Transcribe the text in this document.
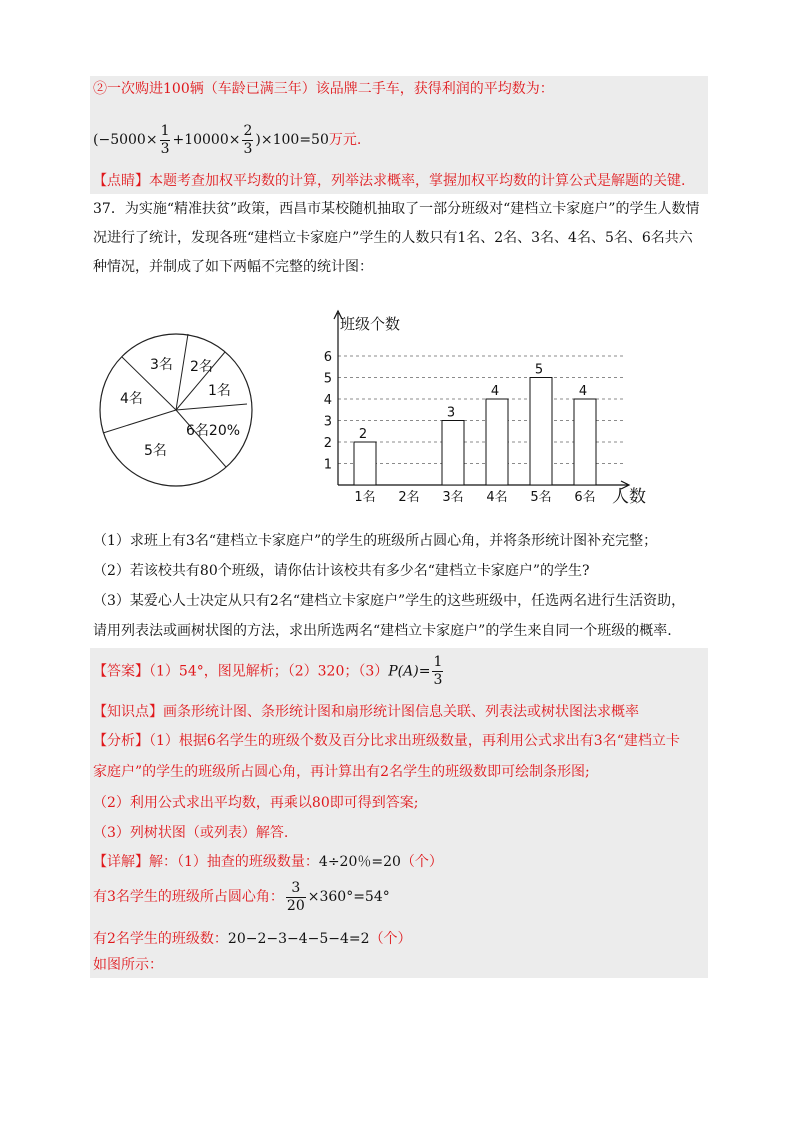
②一次购进100辆（车龄已满三年）该品牌二手车，获得利润的平均数为：
$(-5000\times \frac{1}{3} +10000\times \frac{2}{3} )\times 100=50$万元.
【点睛】本题考查加权平均数的计算，列举法求概率，掌握加权平均数的计算公式是解题的关键.
37．为实施“精准扶贫”政策，西昌市某校随机抽取了一部分班级对“建档立卡家庭户”的学生人数情况进行了统计，发现各班“建档立卡家庭户”学生的人数只有1名、2名、3名、4名、5名、6名共六种情况，并制成了如下两幅不完整的统计图：
3名 2名
1名
4名
6名20%
5名
1
2
3
4
5
6
班级个数
人数
1名
2
2名 3名
3
4名
4
5名
5
6名
4
（1）求班上有3名“建档立卡家庭户”的学生的班级所占圆心角，并将条形统计图补充完整；
（2）若该校共有80个班级，请你估计该校共有多少名“建档立卡家庭户”的学生?
（3）某爱心人士决定从只有2名“建档立卡家庭户”学生的这些班级中，任选两名进行生活资助，
请用列表法或画树状图的方法，求出所选两名“建档立卡家庭户”的学生来自同一个班级的概率.
【答案】（1）54°，图见解析；（2）320；$(3)P(A)= \frac{1}{3}$
【知识点】画条形统计图、条形统计图和扇形统计图信息关联、列表法或树状图法求概率
【分析】（1）根据6名学生的班级个数及百分比求出班级数量，再利用公式求出有3名“建档立卡
家庭户”的学生的班级所占圆心角，再计算出有2名学生的班级数即可绘制条形图;
（2）利用公式求出平均数，再乘以80即可得到答案;
（3）列树状图（或列表）解答.
【详解】解：（1）抽查的班级数量：4÷20％=20（个）
有3名学生的班级所占圆心角： $\frac{3}{20} \times 360^\circ=54^\circ$
有2名学生的班级数：20−2−3−4−5−4=2（个）
如图所示：
